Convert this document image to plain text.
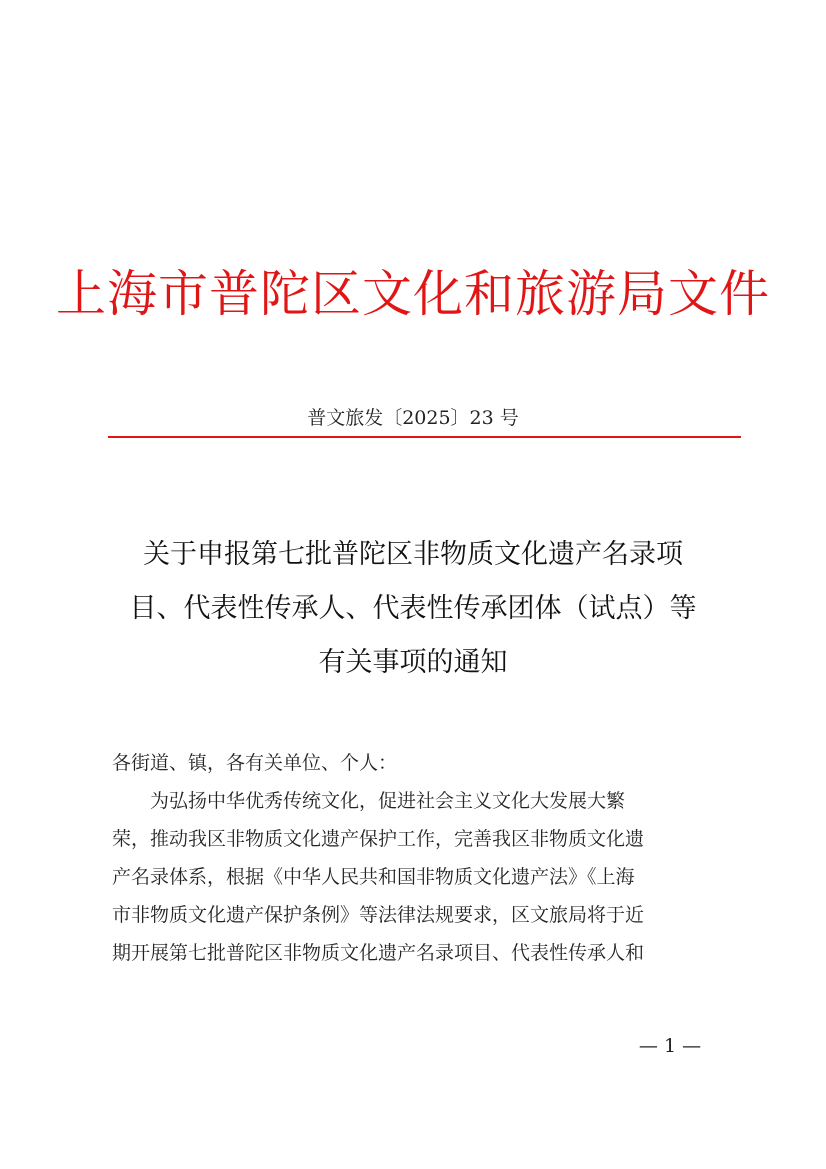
上海市普陀区文化和旅游局文件
普文旅发〔2025〕23 号
关于申报第七批普陀区非物质文化遗产名录项
目、代表性传承人、代表性传承团体（试点）等
有关事项的通知
各街道、镇，各有关单位、个人：
为弘扬中华优秀传统文化，促进社会主义文化大发展大繁
荣，推动我区非物质文化遗产保护工作，完善我区非物质文化遗
产名录体系，根据《中华人民共和国非物质文化遗产法》《上海
市非物质文化遗产保护条例》等法律法规要求，区文旅局将于近
期开展第七批普陀区非物质文化遗产名录项目、代表性传承人和
— 1 —
